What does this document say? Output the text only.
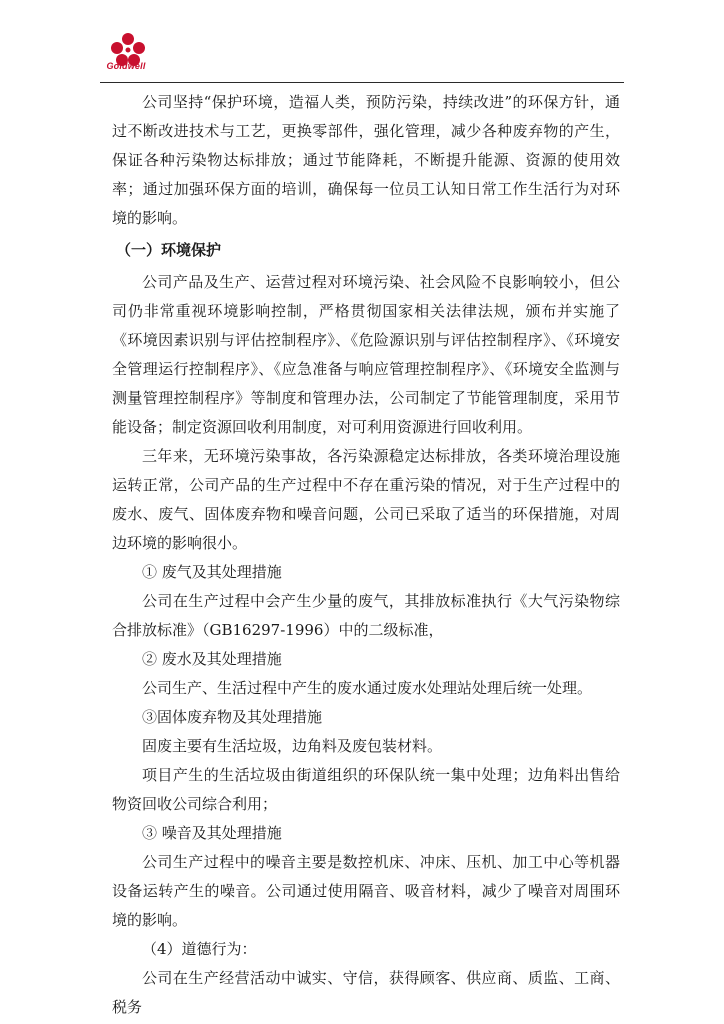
Goldwell

公司坚持“保护环境，造福人类，预防污染，持续改进”的环保方针，通过不断改进技术与工艺，更换零部件，强化管理，减少各种废弃物的产生，保证各种污染物达标排放；通过节能降耗，不断提升能源、资源的使用效率；通过加强环保方面的培训，确保每一位员工认知日常工作生活行为对环境的影响。

（一）环境保护

公司产品及生产、运营过程对环境污染、社会风险不良影响较小，但公司仍非常重视环境影响控制，严格贯彻国家相关法律法规，颁布并实施了《环境因素识别与评估控制程序》、《危险源识别与评估控制程序》、《环境安全管理运行控制程序》、《应急准备与响应管理控制程序》、《环境安全监测与测量管理控制程序》等制度和管理办法，公司制定了节能管理制度，采用节能设备；制定资源回收利用制度，对可利用资源进行回收利用。

三年来，无环境污染事故，各污染源稳定达标排放，各类环境治理设施运转正常，公司产品的生产过程中不存在重污染的情况，对于生产过程中的废水、废气、固体废弃物和噪音问题，公司已采取了适当的环保措施，对周边环境的影响很小。

① 废气及其处理措施

公司在生产过程中会产生少量的废气，其排放标准执行《大气污染物综合排放标准》（GB16297-1996）中的二级标准，

② 废水及其处理措施

公司生产、生活过程中产生的废水通过废水处理站处理后统一处理。

③固体废弃物及其处理措施

固废主要有生活垃圾，边角料及废包装材料。

项目产生的生活垃圾由街道组织的环保队统一集中处理；边角料出售给物资回收公司综合利用；

③ 噪音及其处理措施

公司生产过程中的噪音主要是数控机床、冲床、压机、加工中心等机器设备运转产生的噪音。公司通过使用隔音、吸音材料，减少了噪音对周围环境的影响。

（4）道德行为：

公司在生产经营活动中诚实、守信，获得顾客、供应商、质监、工商、税务
